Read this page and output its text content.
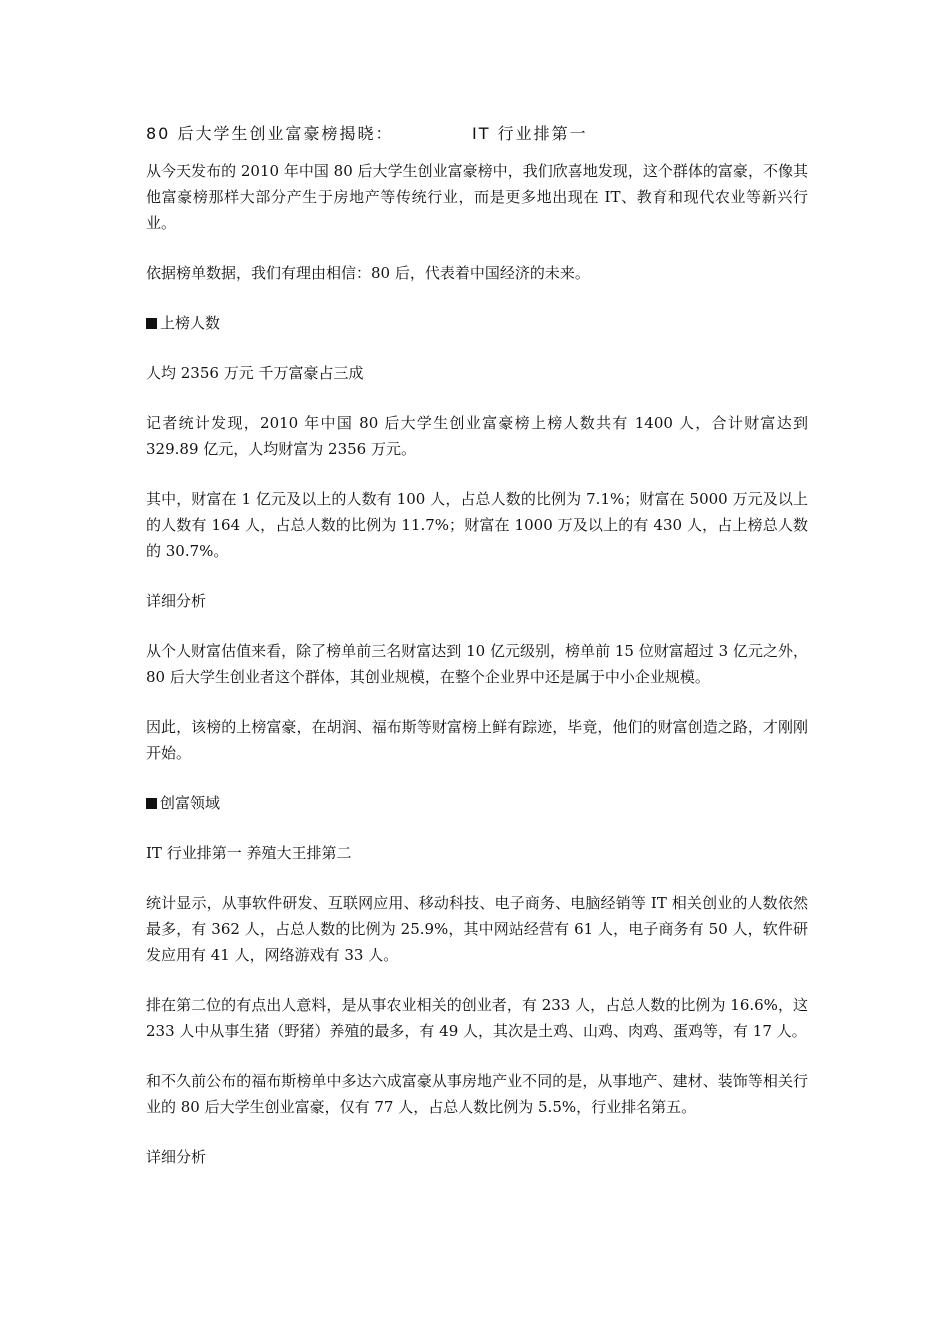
80 后大学生创业富豪榜揭晓：	IT 行业排第一

从今天发布的 2010 年中国 80 后大学生创业富豪榜中，我们欣喜地发现，这个群体的富豪，不像其他富豪榜那样大部分产生于房地产等传统行业，而是更多地出现在 IT、教育和现代农业等新兴行业。

依据榜单数据，我们有理由相信：80 后，代表着中国经济的未来。

上榜人数

人均 2356 万元 千万富豪占三成

记者统计发现，2010 年中国 80 后大学生创业富豪榜上榜人数共有 1400 人，合计财富达到 329.89 亿元，人均财富为 2356 万元。

其中，财富在 1 亿元及以上的人数有 100 人，占总人数的比例为 7.1%；财富在 5000 万元及以上的人数有 164 人，占总人数的比例为 11.7%；财富在 1000 万及以上的有 430 人，占上榜总人数的 30.7%。

详细分析

从个人财富估值来看，除了榜单前三名财富达到 10 亿元级别，榜单前 15 位财富超过 3 亿元之外，80 后大学生创业者这个群体，其创业规模，在整个企业界中还是属于中小企业规模。

因此，该榜的上榜富豪，在胡润、福布斯等财富榜上鲜有踪迹，毕竟，他们的财富创造之路，才刚刚开始。

创富领域

IT 行业排第一 养殖大王排第二

统计显示，从事软件研发、互联网应用、移动科技、电子商务、电脑经销等 IT 相关创业的人数依然最多，有 362 人，占总人数的比例为 25.9%，其中网站经营有 61 人，电子商务有 50 人，软件研发应用有 41 人，网络游戏有 33 人。

排在第二位的有点出人意料，是从事农业相关的创业者，有 233 人，占总人数的比例为 16.6%，这 233 人中从事生猪（野猪）养殖的最多，有 49 人，其次是土鸡、山鸡、肉鸡、蛋鸡等，有 17 人。

和不久前公布的福布斯榜单中多达六成富豪从事房地产业不同的是，从事地产、建材、装饰等相关行业的 80 后大学生创业富豪，仅有 77 人，占总人数比例为 5.5%，行业排名第五。

详细分析
